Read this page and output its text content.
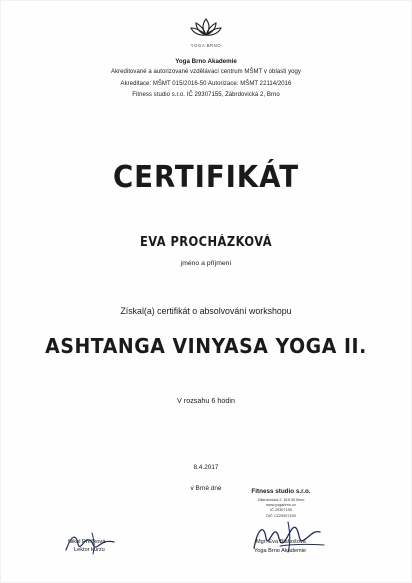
YOGA BRNO
Yoga Brno Akademie
Akreditované a autorizované vzdělávací centrum MŠMT v oblasti yogy
Akreditace: MŠMT 015/2016-50 Autorizace: MŠMT 22114/2016
Fitness studio s.r.o. IČ 29307155, Zábrdovická 2, Brno
CERTIFIKÁT
EVA PROCHÁZKOVÁ
jméno a příjmení
Získal(a) certifikát o absolvování workshopu
ASHTANGA VINYASA YOGA II.
V rozsahu 6 hodin
8.4.2017
v Brně dne	Fitness studio s.r.o.
Zábrdovická 2, 615 00 Brno
www.yogabrno.cz
IČ 29307155
DIČ CZ29307155
Nikol Přečková
Lektor kurzu
Mgr. Eva Blahošová
Yoga Brno Akademie
